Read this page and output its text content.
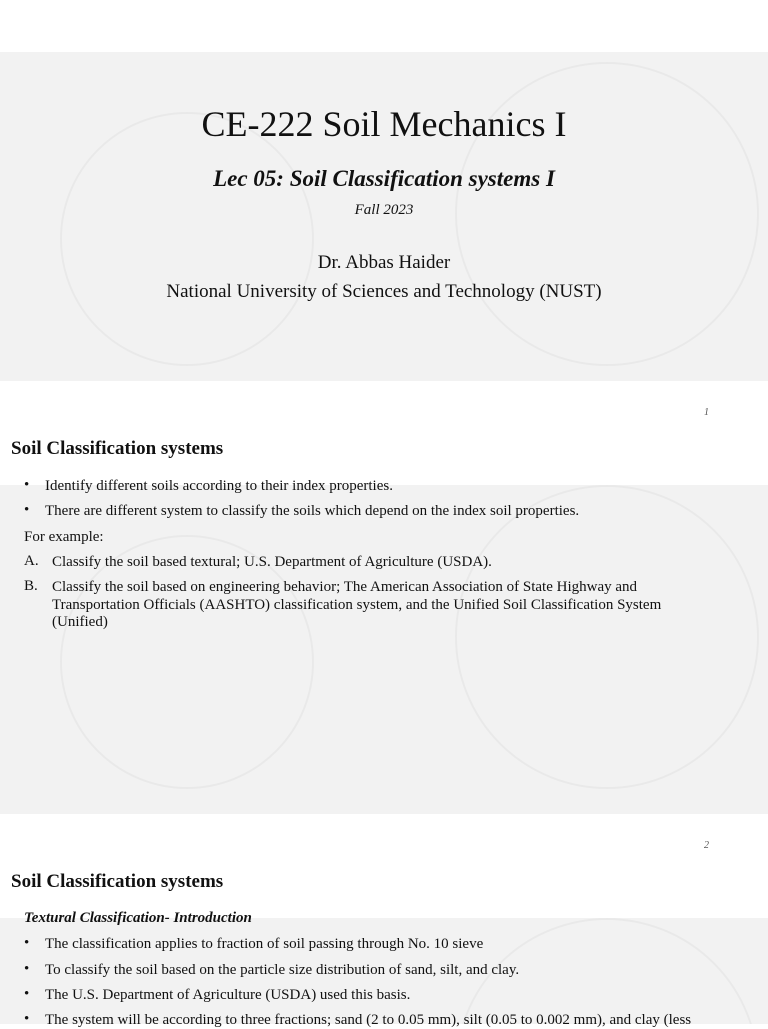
CE-222 Soil Mechanics I
Lec 05: Soil Classification systems I
Fall 2023
Dr. Abbas Haider
National University of Sciences and Technology (NUST)
1
Soil Classification systems
• Identify different soils according to their index properties.
• There are different system to classify the soils which depend on the index soil properties.
For example:
A. Classify the soil based textural; U.S. Department of Agriculture (USDA).
B. Classify the soil based on engineering behavior; The American Association of State Highway and
Transportation Officials (AASHTO) classification system, and the Unified Soil Classification System
(Unified)
2
Soil Classification systems
Textural Classification- Introduction
• The classification applies to fraction of soil passing through No. 10 sieve
• To classify the soil based on the particle size distribution of sand, silt, and clay.
• The U.S. Department of Agriculture (USDA) used this basis.
• The system will be according to three fractions; sand (2 to 0.05 mm), silt (0.05 to 0.002 mm), and clay (less
